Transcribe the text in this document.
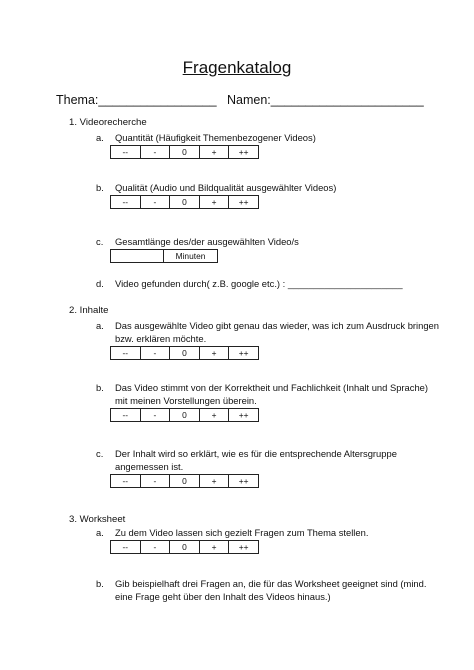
Fragenkatalog
Thema:_________________ Namen:______________________
1. Videorecherche
a. Quantität (Häufigkeit Themenbezogener Videos)
--	-	0	+	++
b. Qualität (Audio und Bildqualität ausgewählter Videos)
--	-	0	+	++
c. Gesamtlänge des/der ausgewählten Video/s
Minuten
d. Video gefunden durch( z.B. google etc.) : ______________________
2. Inhalte
a. Das ausgewählte Video gibt genau das wieder, was ich zum Ausdruck bringen
bzw. erklären möchte.
--	-	0	+	++
b. Das Video stimmt von der Korrektheit und Fachlichkeit (Inhalt und Sprache)
mit meinen Vorstellungen überein.
--	-	0	+	++
c. Der Inhalt wird so erklärt, wie es für die entsprechende Altersgruppe
angemessen ist.
--	-	0	+	++
3. Worksheet
a. Zu dem Video lassen sich gezielt Fragen zum Thema stellen.
--	-	0	+	++
b. Gib beispielhaft drei Fragen an, die für das Worksheet geeignet sind (mind.
eine Frage geht über den Inhalt des Videos hinaus.)
